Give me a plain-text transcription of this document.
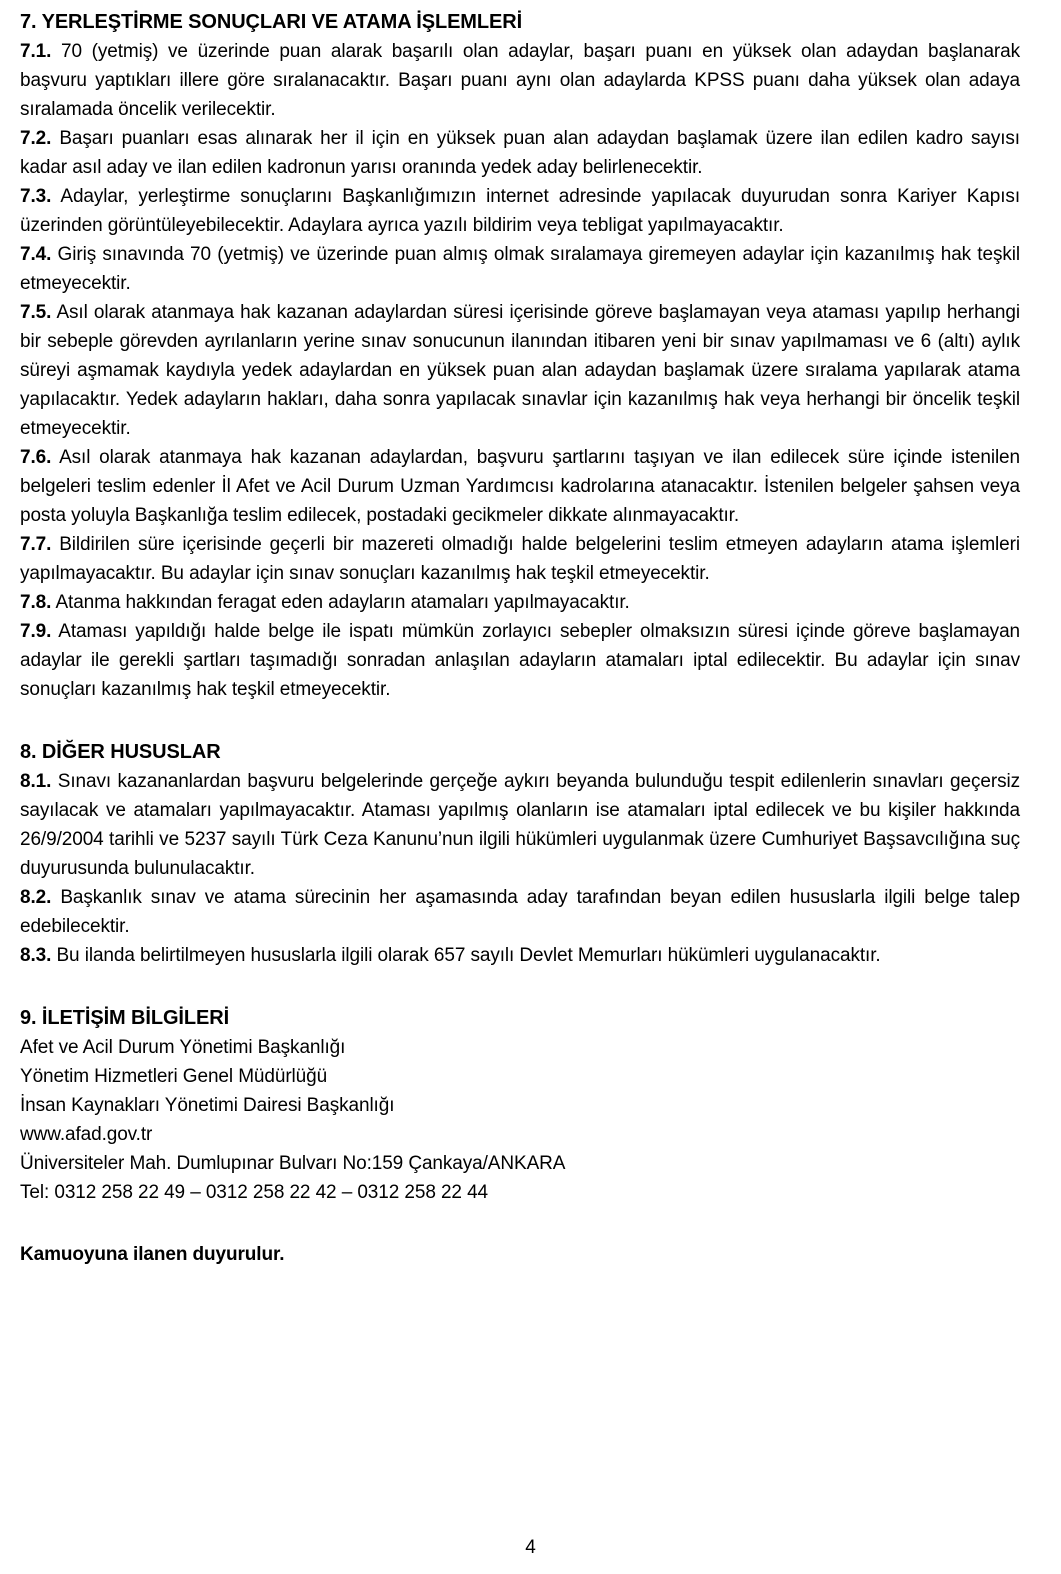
7. YERLEŞTİRME SONUÇLARI VE ATAMA İŞLEMLERİ

7.1. 70 (yetmiş) ve üzerinde puan alarak başarılı olan adaylar, başarı puanı en yüksek olan adaydan başlanarak başvuru yaptıkları illere göre sıralanacaktır. Başarı puanı aynı olan adaylarda KPSS puanı daha yüksek olan adaya sıralamada öncelik verilecektir.

7.2. Başarı puanları esas alınarak her il için en yüksek puan alan adaydan başlamak üzere ilan edilen kadro sayısı kadar asıl aday ve ilan edilen kadronun yarısı oranında yedek aday belirlenecektir.

7.3. Adaylar, yerleştirme sonuçlarını Başkanlığımızın internet adresinde yapılacak duyurudan sonra Kariyer Kapısı üzerinden görüntüleyebilecektir. Adaylara ayrıca yazılı bildirim veya tebligat yapılmayacaktır.

7.4. Giriş sınavında 70 (yetmiş) ve üzerinde puan almış olmak sıralamaya giremeyen adaylar için kazanılmış hak teşkil etmeyecektir.

7.5. Asıl olarak atanmaya hak kazanan adaylardan süresi içerisinde göreve başlamayan veya ataması yapılıp herhangi bir sebeple görevden ayrılanların yerine sınav sonucunun ilanından itibaren yeni bir sınav yapılmaması ve 6 (altı) aylık süreyi aşmamak kaydıyla yedek adaylardan en yüksek puan alan adaydan başlamak üzere sıralama yapılarak atama yapılacaktır. Yedek adayların hakları, daha sonra yapılacak sınavlar için kazanılmış hak veya herhangi bir öncelik teşkil etmeyecektir.

7.6. Asıl olarak atanmaya hak kazanan adaylardan, başvuru şartlarını taşıyan ve ilan edilecek süre içinde istenilen belgeleri teslim edenler İl Afet ve Acil Durum Uzman Yardımcısı kadrolarına atanacaktır. İstenilen belgeler şahsen veya posta yoluyla Başkanlığa teslim edilecek, postadaki gecikmeler dikkate alınmayacaktır.

7.7. Bildirilen süre içerisinde geçerli bir mazereti olmadığı halde belgelerini teslim etmeyen adayların atama işlemleri yapılmayacaktır. Bu adaylar için sınav sonuçları kazanılmış hak teşkil etmeyecektir.

7.8. Atanma hakkından feragat eden adayların atamaları yapılmayacaktır.

7.9. Ataması yapıldığı halde belge ile ispatı mümkün zorlayıcı sebepler olmaksızın süresi içinde göreve başlamayan adaylar ile gerekli şartları taşımadığı sonradan anlaşılan adayların atamaları iptal edilecektir. Bu adaylar için sınav sonuçları kazanılmış hak teşkil etmeyecektir.

8. DİĞER HUSUSLAR

8.1. Sınavı kazananlardan başvuru belgelerinde gerçeğe aykırı beyanda bulunduğu tespit edilenlerin sınavları geçersiz sayılacak ve atamaları yapılmayacaktır. Ataması yapılmış olanların ise atamaları iptal edilecek ve bu kişiler hakkında 26/9/2004 tarihli ve 5237 sayılı Türk Ceza Kanunu’nun ilgili hükümleri uygulanmak üzere Cumhuriyet Başsavcılığına suç duyurusunda bulunulacaktır.

8.2. Başkanlık sınav ve atama sürecinin her aşamasında aday tarafından beyan edilen hususlarla ilgili belge talep edebilecektir.

8.3. Bu ilanda belirtilmeyen hususlarla ilgili olarak 657 sayılı Devlet Memurları hükümleri uygulanacaktır.

9. İLETİŞİM BİLGİLERİ
Afet ve Acil Durum Yönetimi Başkanlığı
Yönetim Hizmetleri Genel Müdürlüğü
İnsan Kaynakları Yönetimi Dairesi Başkanlığı
www.afad.gov.tr
Üniversiteler Mah. Dumlupınar Bulvarı No:159 Çankaya/ANKARA
Tel: 0312 258 22 49 – 0312 258 22 42 – 0312 258 22 44

Kamuoyuna ilanen duyurulur.

4
